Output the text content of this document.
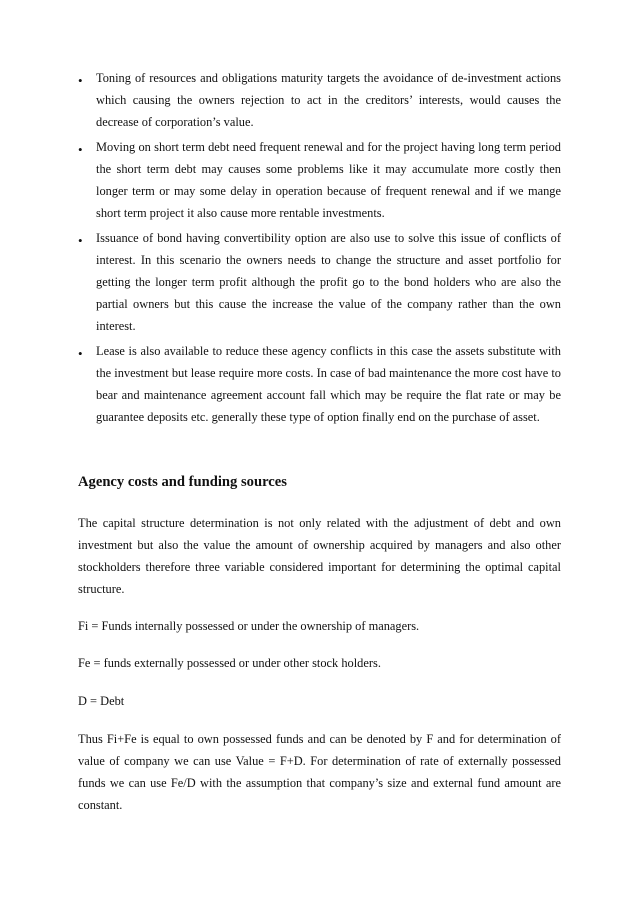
• Toning of resources and obligations maturity targets the avoidance of de-investment actions which causing the owners rejection to act in the creditors’ interests, would causes the decrease of corporation’s value.
• Moving on short term debt need frequent renewal and for the project having long term period the short term debt may causes some problems like it may accumulate more costly then longer term or may some delay in operation because of frequent renewal and if we mange short term project it also cause more rentable investments.
• Issuance of bond having convertibility option are also use to solve this issue of conflicts of interest. In this scenario the owners needs to change the structure and asset portfolio for getting the longer term profit although the profit go to the bond holders who are also the partial owners but this cause the increase the value of the company rather than the own interest.
• Lease is also available to reduce these agency conflicts in this case the assets substitute with the investment but lease require more costs. In case of bad maintenance the more cost have to bear and maintenance agreement account fall which may be require the flat rate or may be guarantee deposits etc. generally these type of option finally end on the purchase of asset.
Agency costs and funding sources

The capital structure determination is not only related with the adjustment of debt and own investment but also the value the amount of ownership acquired by managers and also other stockholders therefore three variable considered important for determining the optimal capital structure.

Fi = Funds internally possessed or under the ownership of managers.

Fe = funds externally possessed or under other stock holders.

D = Debt

Thus Fi+Fe is equal to own possessed funds and can be denoted by F and for determination of value of company we can use Value = F+D. For determination of rate of externally possessed funds we can use Fe/D with the assumption that company’s size and external fund amount are constant.
